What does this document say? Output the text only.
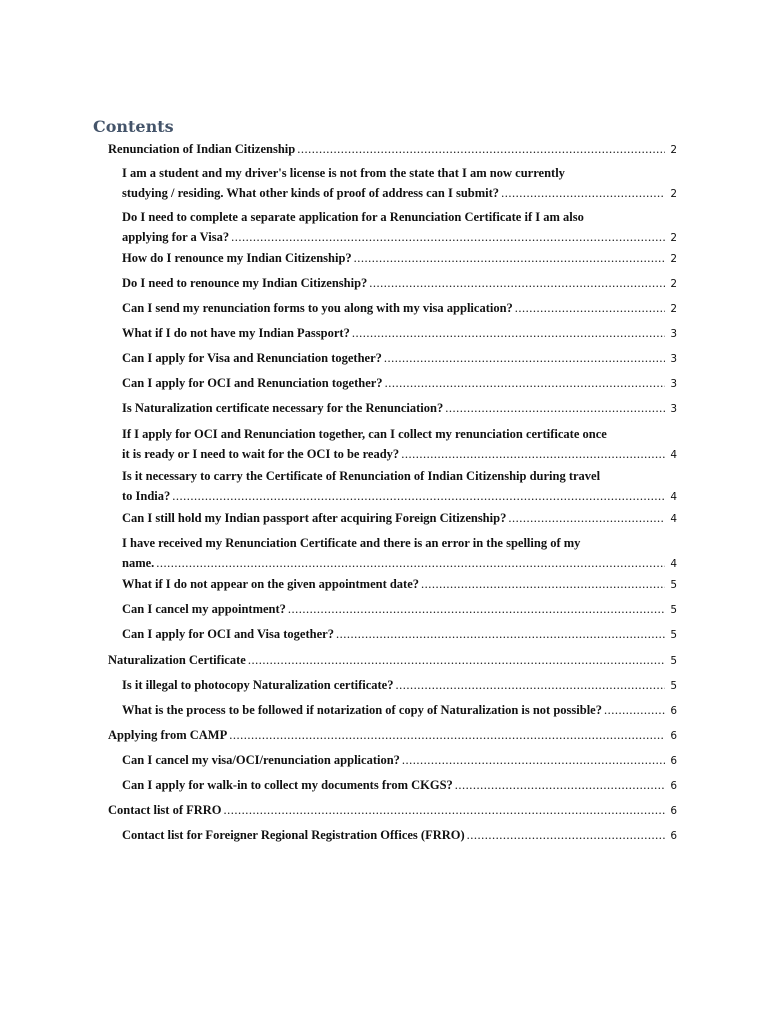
Contents
Renunciation of Indian Citizenship .....	2
I am a student and my driver's license is not from the state that I am now currently
studying / residing. What other kinds of proof of address can I submit? .....	2
Do I need to complete a separate application for a Renunciation Certificate if I am also
applying for a Visa? .....	2
How do I renounce my Indian Citizenship? .....	2
Do I need to renounce my Indian Citizenship? .....	2
Can I send my renunciation forms to you along with my visa application? .....	2
What if I do not have my Indian Passport? .....	3
Can I apply for Visa and Renunciation together? .....	3
Can I apply for OCI and Renunciation together? .....	3
Is Naturalization certificate necessary for the Renunciation? .....	3
If I apply for OCI and Renunciation together, can I collect my renunciation certificate once
it is ready or I need to wait for the OCI to be ready? .....	4
Is it necessary to carry the Certificate of Renunciation of Indian Citizenship during travel
to India? .....	4
Can I still hold my Indian passport after acquiring Foreign Citizenship? .....	4
I have received my Renunciation Certificate and there is an error in the spelling of my
name. .....	4
What if I do not appear on the given appointment date? .....	5
Can I cancel my appointment? .....	5
Can I apply for OCI and Visa together? .....	5
Naturalization Certificate .....	5
Is it illegal to photocopy Naturalization certificate? .....	5
What is the process to be followed if notarization of copy of Naturalization is not possible? .....	6
Applying from CAMP .....	6
Can I cancel my visa/OCI/renunciation application? .....	6
Can I apply for walk-in to collect my documents from CKGS? .....	6
Contact list of FRRO .....	6
Contact list for Foreigner Regional Registration Offices (FRRO) .....	6
